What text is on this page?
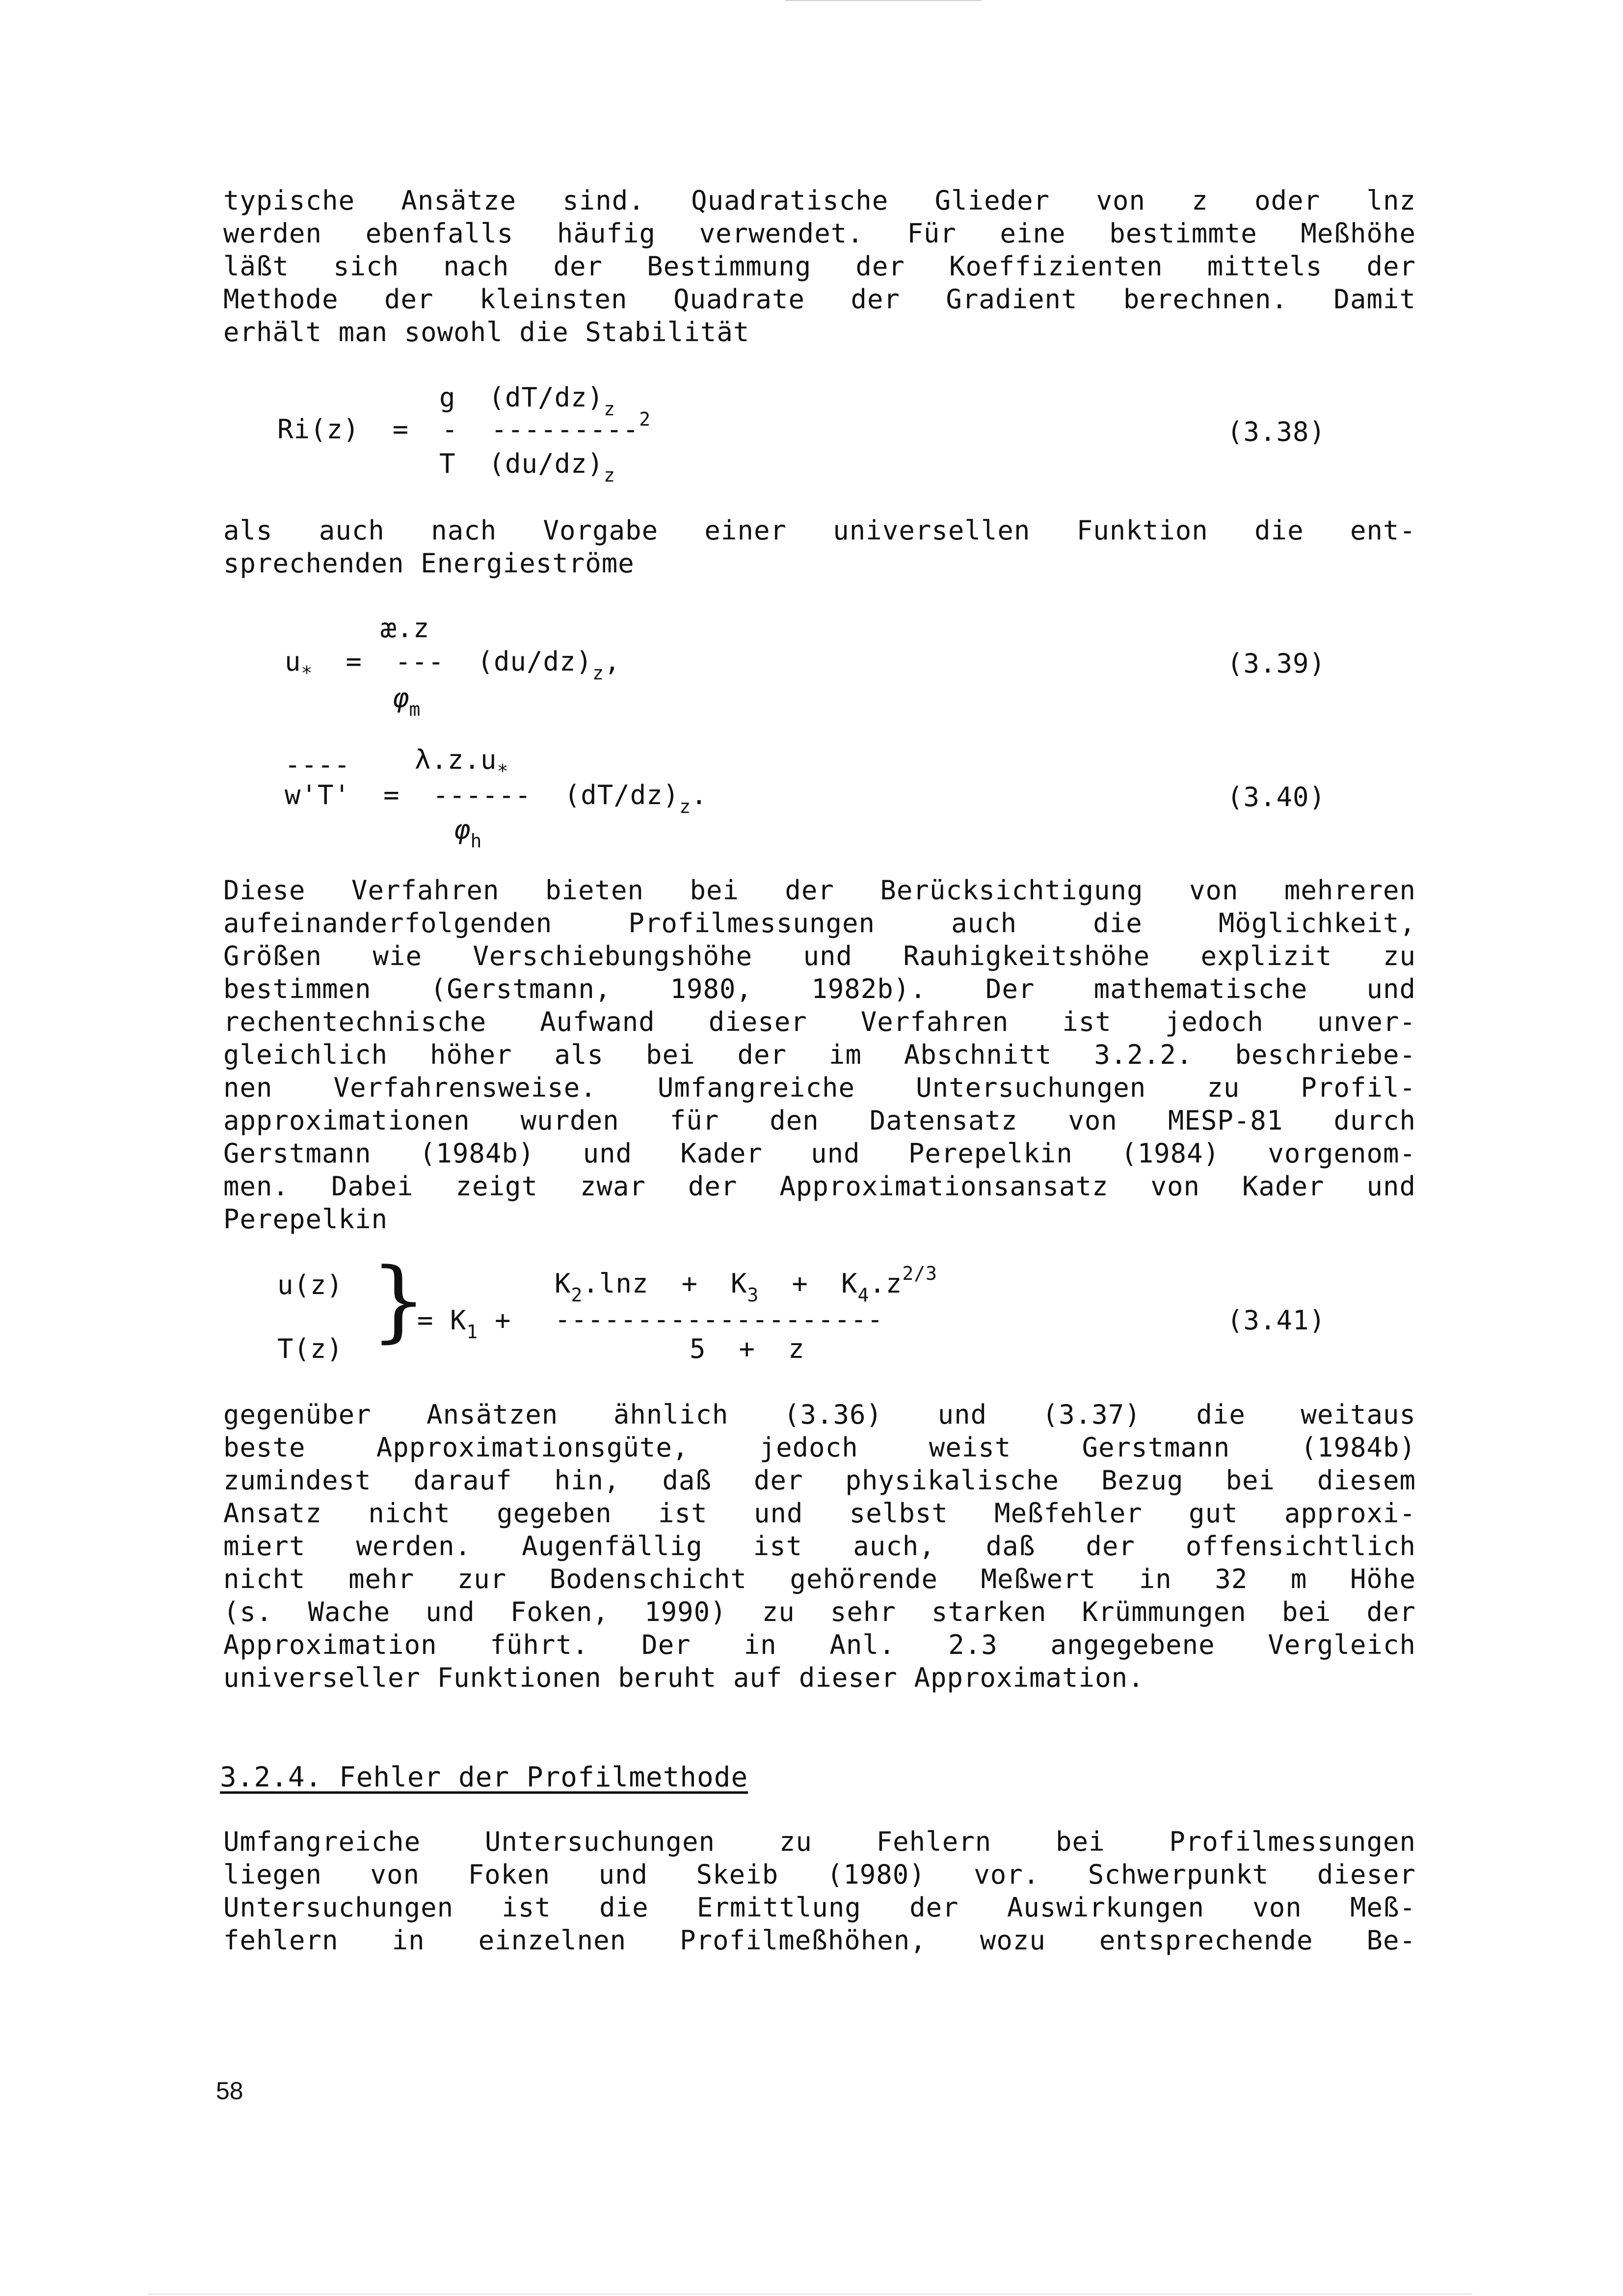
typische Ansätze sind. Quadratische Glieder von z oder lnz
werden ebenfalls häufig verwendet. Für eine bestimmte Meßhöhe
läßt sich nach der Bestimmung der Koeffizienten mittels der
Methode der kleinsten Quadrate der Gradient berechnen. Damit
erhält man sowohl die Stabilität
g  $(dT/dz)_z$
Ri(z)  =  -  ---------$^2$
T  $(du/dz)_z$
(3.38)
als auch nach Vorgabe einer universellen Funktion die ent-
sprechenden Energieströme
æ.z
$u_*$  =  ---  $(du/dz)_z$,
$\varphi_m$
(3.39)
---- $\lambda.z.u_*$
w'T'  =  ------  $(dT/dz)_z$.
$\varphi_h$
(3.40)
Diese Verfahren bieten bei der Berücksichtigung von mehreren
aufeinanderfolgenden Profilmessungen auch die Möglichkeit,
Größen wie Verschiebungshöhe und Rauhigkeitshöhe explizit zu
bestimmen (Gerstmann, 1980, 1982b). Der mathematische und
rechentechnische Aufwand dieser Verfahren ist jedoch unver-
gleichlich höher als bei der im Abschnitt 3.2.2. beschriebe-
nen Verfahrensweise. Umfangreiche Untersuchungen zu Profil-
approximationen wurden für den Datensatz von MESP-81 durch
Gerstmann (1984b) und Kader und Perepelkin (1984) vorgenom-
men. Dabei zeigt zwar der Approximationsansatz von Kader und
Perepelkin
u(z)
T(z) }
= $K_1$ +
$K_2.\ln z + K_3 + K_4.z^{2/3}$
--------------------
5  +  z
(3.41)
gegenüber Ansätzen ähnlich (3.36) und (3.37) die weitaus
beste Approximationsgüte, jedoch weist Gerstmann (1984b)
zumindest darauf hin, daß der physikalische Bezug bei diesem
Ansatz nicht gegeben ist und selbst Meßfehler gut approxi-
miert werden. Augenfällig ist auch, daß der offensichtlich
nicht mehr zur Bodenschicht gehörende Meßwert in 32 m Höhe
(s. Wache und Foken, 1990) zu sehr starken Krümmungen bei der
Approximation führt. Der in Anl. 2.3 angegebene Vergleich
universeller Funktionen beruht auf dieser Approximation.
3.2.4. Fehler der Profilmethode
Umfangreiche Untersuchungen zu Fehlern bei Profilmessungen
liegen von Foken und Skeib (1980) vor. Schwerpunkt dieser
Untersuchungen ist die Ermittlung der Auswirkungen von Meß-
fehlern in einzelnen Profilmeßhöhen, wozu entsprechende Be-
58
